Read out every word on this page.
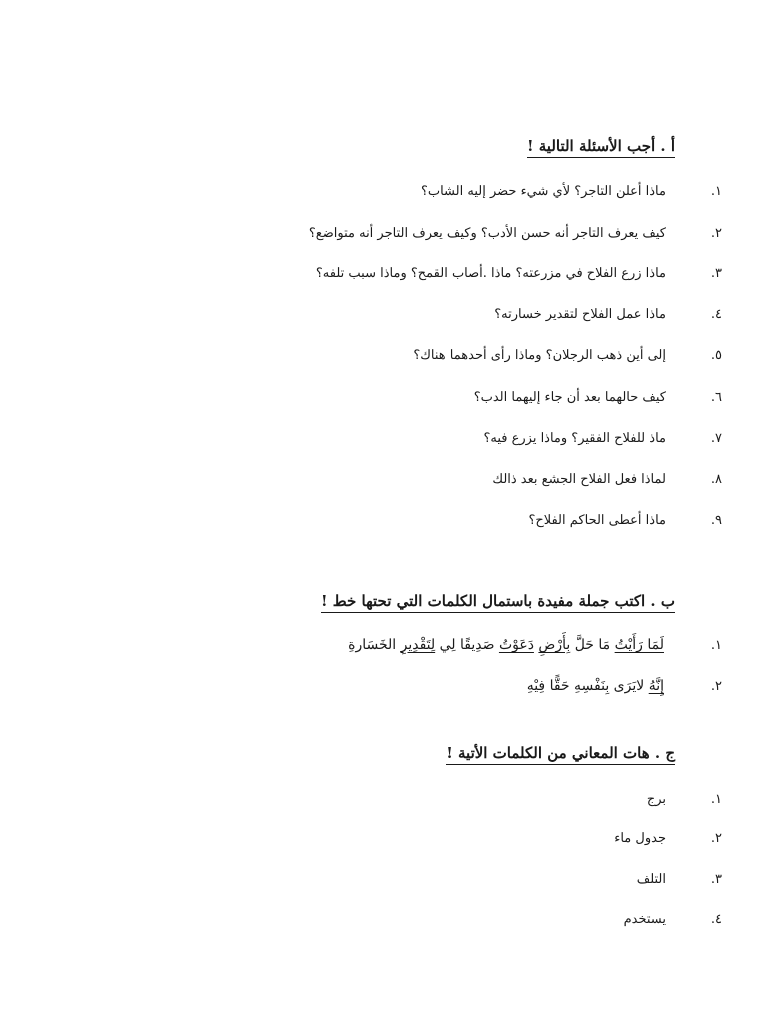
أ . أجب الأسئلة التالية !
١.
ماذا أعلن التاجر؟ لأي شيء حضر إليه الشاب؟
٢.
كيف يعرف التاجر أنه حسن الأدب؟ وكيف يعرف التاجر أنه متواضع؟
٣.
ماذا زرع الفلاح في مزرعته؟ ماذا .أصاب القمح؟ وماذا سبب تلفه؟
٤.
ماذا عمل الفلاح لتقدير خسارته؟
٥.
إلى أين ذهب الرجلان؟ وماذا رأى أحدهما هناك؟
٦.
كيف حالهما بعد أن جاء إليهما الدب؟
٧.
ماذ للفلاح الفقير؟ وماذا يزرع فيه؟
٨.
لماذا فعل الفلاح الجشع بعد ذالك
٩.
ماذا أعطى الحاكم الفلاح؟
ب . اكتب جملة مفيدة باستمال الكلمات التي تحتها خط !
١.
لَمَا رَأَيْتُ مَا حَلَّ بِأَرْضِ دَعَوْتُ صَدِيقًا لِي لِتَقْدِيرِ الخَسَارةِ
٢.
إِنَّهُ لايَرَى بِنَفْسِهِ حَقًّا فِيْهِ
ج . هات المعاني من الكلمات الأتية !
١.
برج
٢.
جدول ماء
٣.
التلف
٤.
يستخدم
